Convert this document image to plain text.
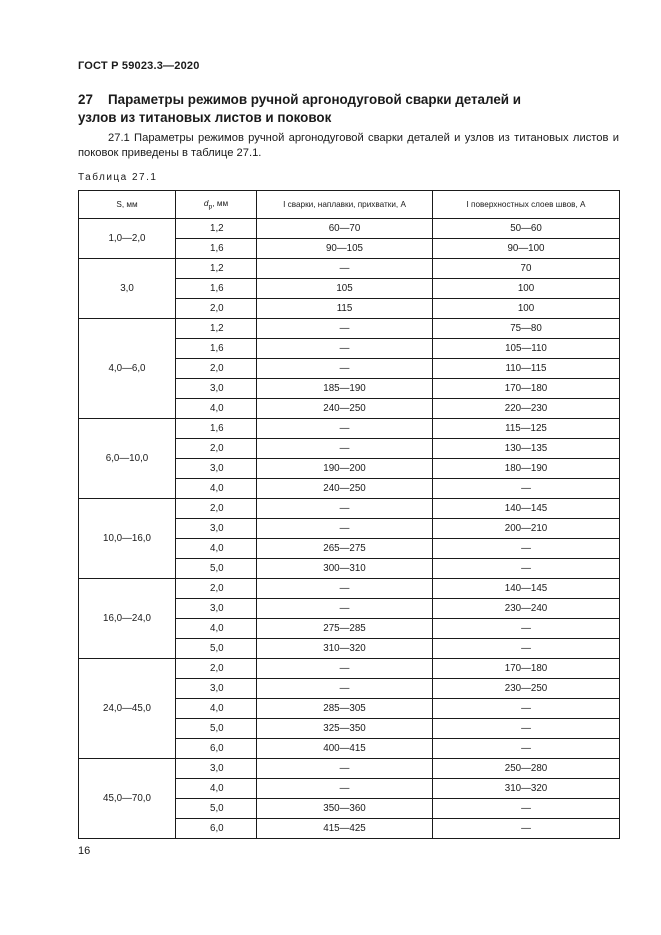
ГОСТ Р 59023.3—2020
27 Параметры режимов ручной аргонодуговой сварки деталей и узлов из титановых листов и поковок
27.1 Параметры режимов ручной аргонодуговой сварки деталей и узлов из титановых листов и поковок приведены в таблице 27.1.
Таблица 27.1
S, мм	$d_р$, мм	I сварки, наплавки, прихватки, А	I поверхностных слоев швов, А
1,0—2,0	1,2	60—70	50—60
	1,6	90—105	90—100
3,0	1,2	—	70
	1,6	105	100
	2,0	115	100
4,0—6,0	1,2	—	75—80
	1,6	—	105—110
	2,0	—	110—115
	3,0	185—190	170—180
	4,0	240—250	220—230
6,0—10,0	1,6	—	115—125
	2,0	—	130—135
	3,0	190—200	180—190
	4,0	240—250	—
10,0—16,0	2,0	—	140—145
	3,0	—	200—210
	4,0	265—275	—
	5,0	300—310	—
16,0—24,0	2,0	—	140—145
	3,0	—	230—240
	4,0	275—285	—
	5,0	310—320	—
24,0—45,0	2,0	—	170—180
	3,0	—	230—250
	4,0	285—305	—
	5,0	325—350	—
	6,0	400—415	—
45,0—70,0	3,0	—	250—280
	4,0	—	310—320
	5,0	350—360	—
	6,0	415—425	—
16
